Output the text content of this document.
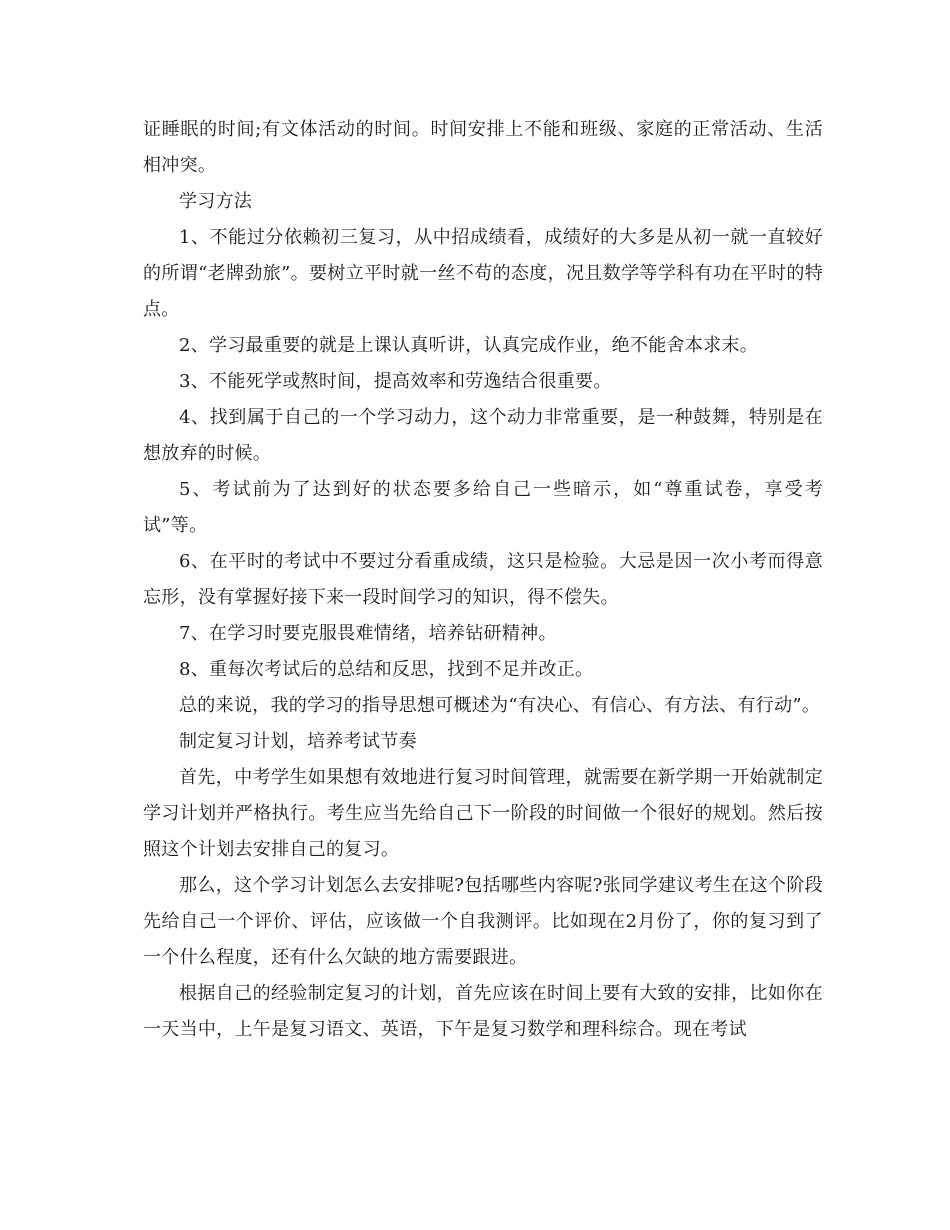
证睡眠的时间;有文体活动的时间。时间安排上不能和班级、家庭的正常活动、生活相冲突。

学习方法

1、不能过分依赖初三复习，从中招成绩看，成绩好的大多是从初一就一直较好的所谓“老牌劲旅”。要树立平时就一丝不苟的态度，况且数学等学科有功在平时的特点。

2、学习最重要的就是上课认真听讲，认真完成作业，绝不能舍本求末。

3、不能死学或熬时间，提高效率和劳逸结合很重要。

4、找到属于自己的一个学习动力，这个动力非常重要，是一种鼓舞，特别是在想放弃的时候。

5、考试前为了达到好的状态要多给自己一些暗示，如“尊重试卷，享受考试”等。

6、在平时的考试中不要过分看重成绩，这只是检验。大忌是因一次小考而得意忘形，没有掌握好接下来一段时间学习的知识，得不偿失。

7、在学习时要克服畏难情绪，培养钻研精神。

8、重每次考试后的总结和反思，找到不足并改正。

总的来说，我的学习的指导思想可概述为“有决心、有信心、有方法、有行动”。

制定复习计划，培养考试节奏

首先，中考学生如果想有效地进行复习时间管理，就需要在新学期一开始就制定学习计划并严格执行。考生应当先给自己下一阶段的时间做一个很好的规划。然后按照这个计划去安排自己的复习。

那么，这个学习计划怎么去安排呢?包括哪些内容呢?张同学建议考生在这个阶段先给自己一个评价、评估，应该做一个自我测评。比如现在2月份了，你的复习到了一个什么程度，还有什么欠缺的地方需要跟进。

根据自己的经验制定复习的计划，首先应该在时间上要有大致的安排，比如你在一天当中，上午是复习语文、英语，下午是复习数学和理科综合。现在考试
